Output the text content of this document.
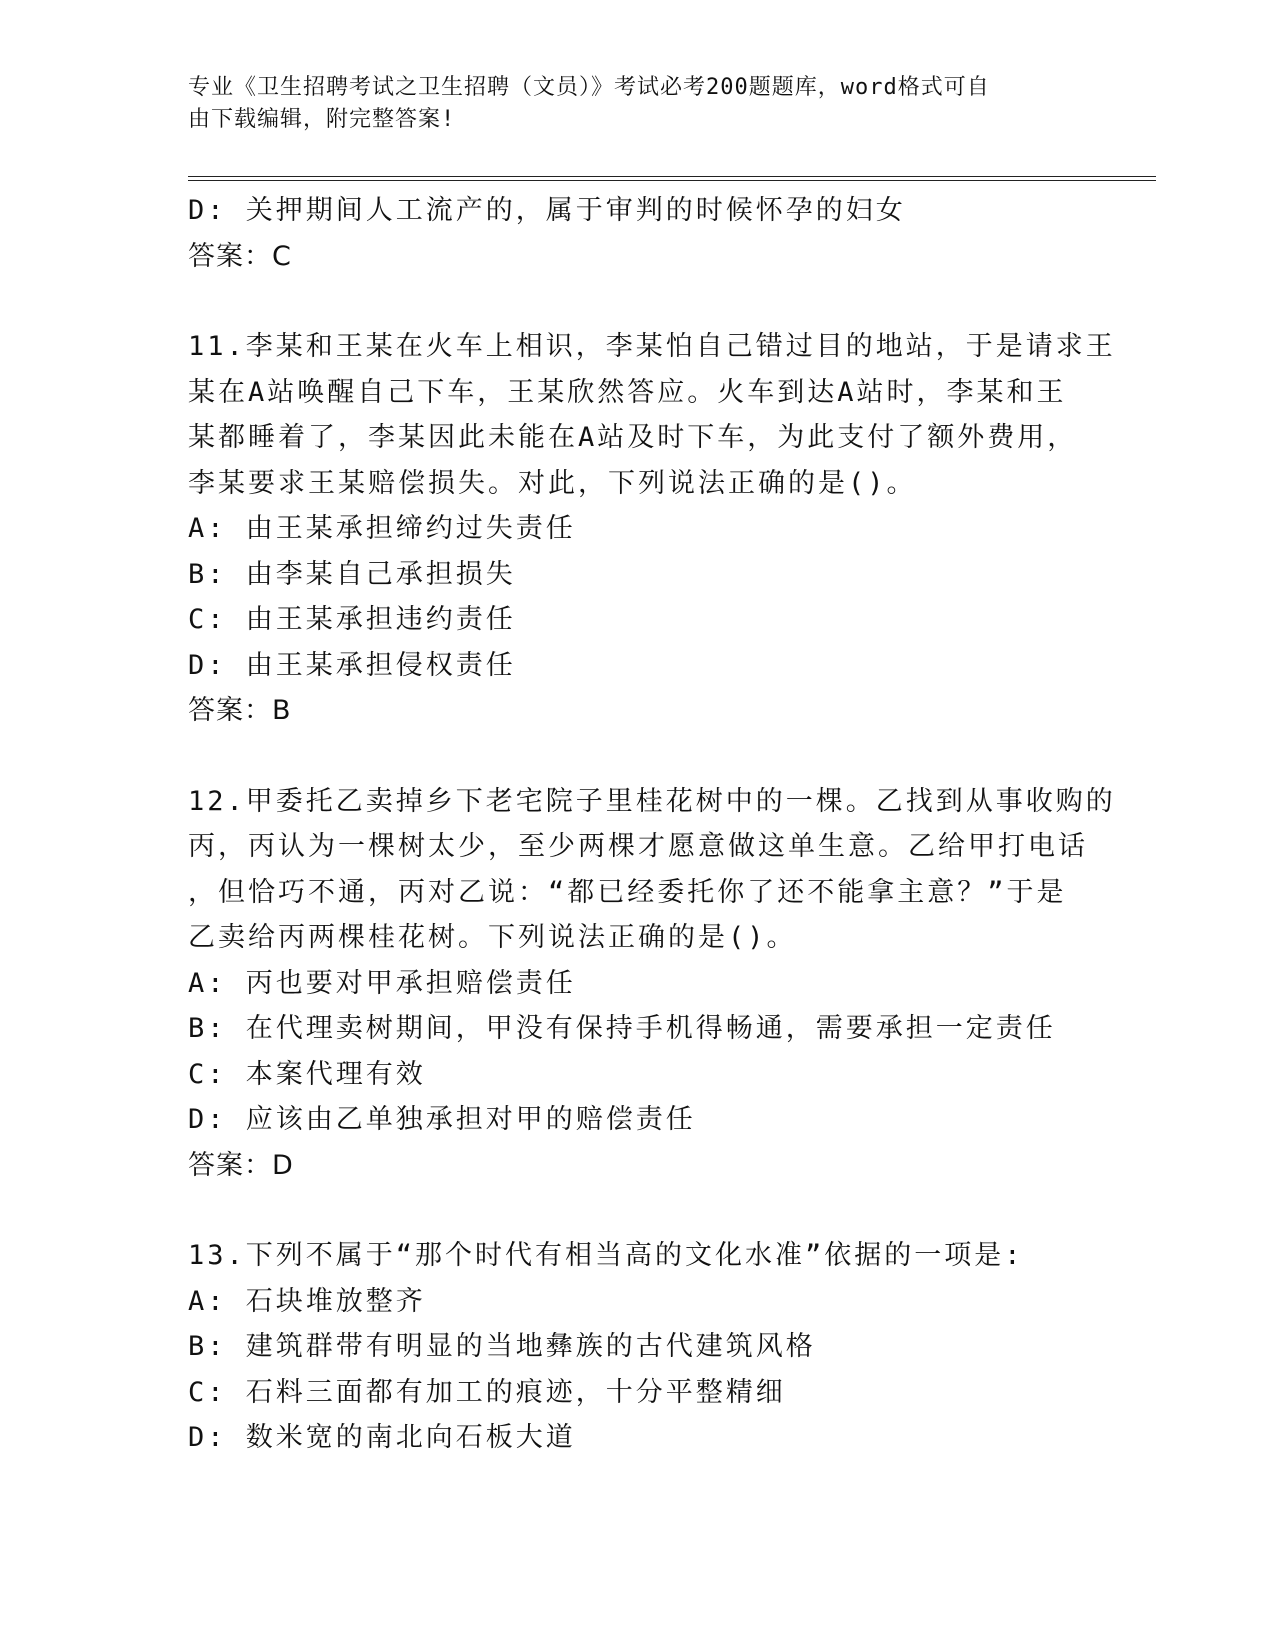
专业《卫生招聘考试之卫生招聘（文员）》考试必考200题题库，word格式可自
由下载编辑，附完整答案!
D: 关押期间人工流产的，属于审判的时候怀孕的妇女
答案：C
11.李某和王某在火车上相识，李某怕自己错过目的地站，于是请求王
某在A站唤醒自己下车，王某欣然答应。火车到达A站时，李某和王
某都睡着了，李某因此未能在A站及时下车，为此支付了额外费用，
李某要求王某赔偿损失。对此，下列说法正确的是()。
A: 由王某承担缔约过失责任
B: 由李某自己承担损失
C: 由王某承担违约责任
D: 由王某承担侵权责任
答案：B
12.甲委托乙卖掉乡下老宅院子里桂花树中的一棵。乙找到从事收购的
丙，丙认为一棵树太少，至少两棵才愿意做这单生意。乙给甲打电话
，但恰巧不通，丙对乙说：“都已经委托你了还不能拿主意？”于是
乙卖给丙两棵桂花树。下列说法正确的是()。
A: 丙也要对甲承担赔偿责任
B: 在代理卖树期间，甲没有保持手机得畅通，需要承担一定责任
C: 本案代理有效
D: 应该由乙单独承担对甲的赔偿责任
答案：D
13.下列不属于“那个时代有相当高的文化水准”依据的一项是:
A: 石块堆放整齐
B: 建筑群带有明显的当地彝族的古代建筑风格
C: 石料三面都有加工的痕迹，十分平整精细
D: 数米宽的南北向石板大道
